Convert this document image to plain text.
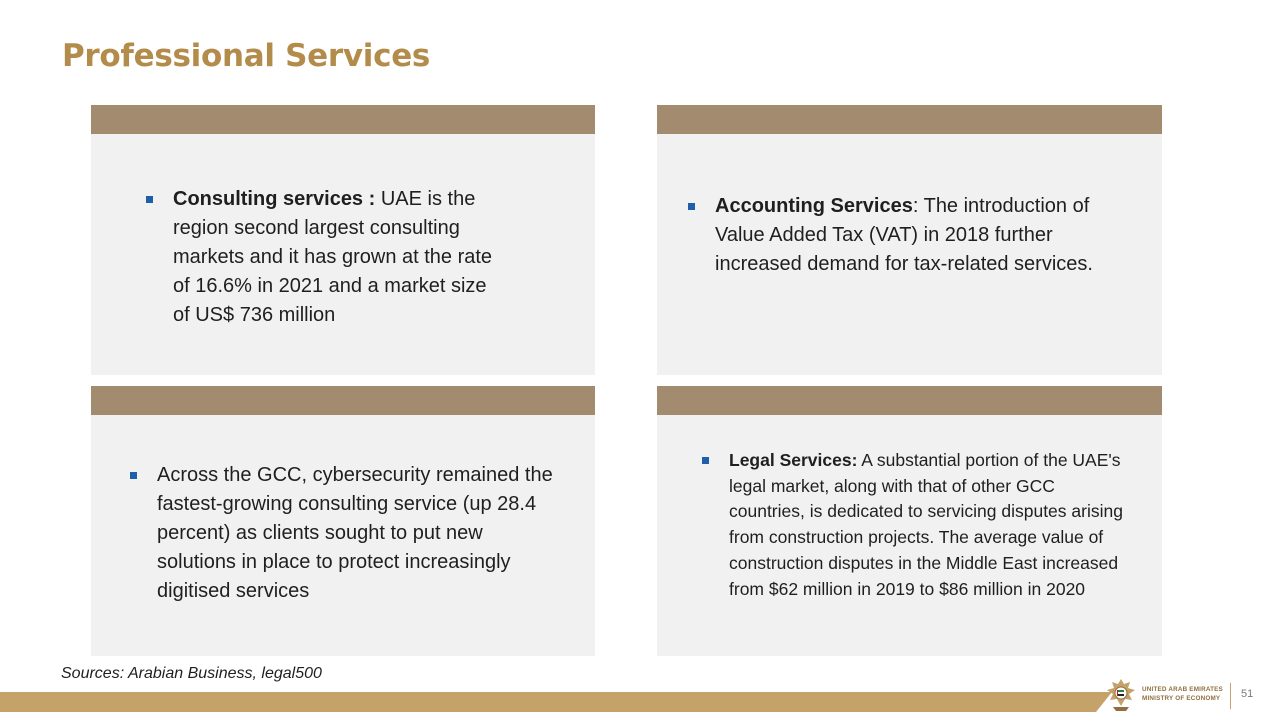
Professional Services
Consulting services : UAE is the region second largest consulting markets and it has grown at the rate of 16.6% in 2021 and a market size of US$ 736 million
Accounting Services: The introduction of Value Added Tax (VAT) in 2018 further increased demand for tax-related services.
Across the GCC, cybersecurity remained the fastest-growing consulting service (up 28.4 percent) as clients sought to put new solutions in place to protect increasingly digitised services
Legal Services: A substantial portion of the UAE's legal market, along with that of other GCC countries, is dedicated to servicing disputes arising from construction projects. The average value of construction disputes in the Middle East increased from $62 million in 2019 to $86 million in 2020
Sources: Arabian Business, legal500
UNITED ARAB EMIRATES
MINISTRY OF ECONOMY	51
